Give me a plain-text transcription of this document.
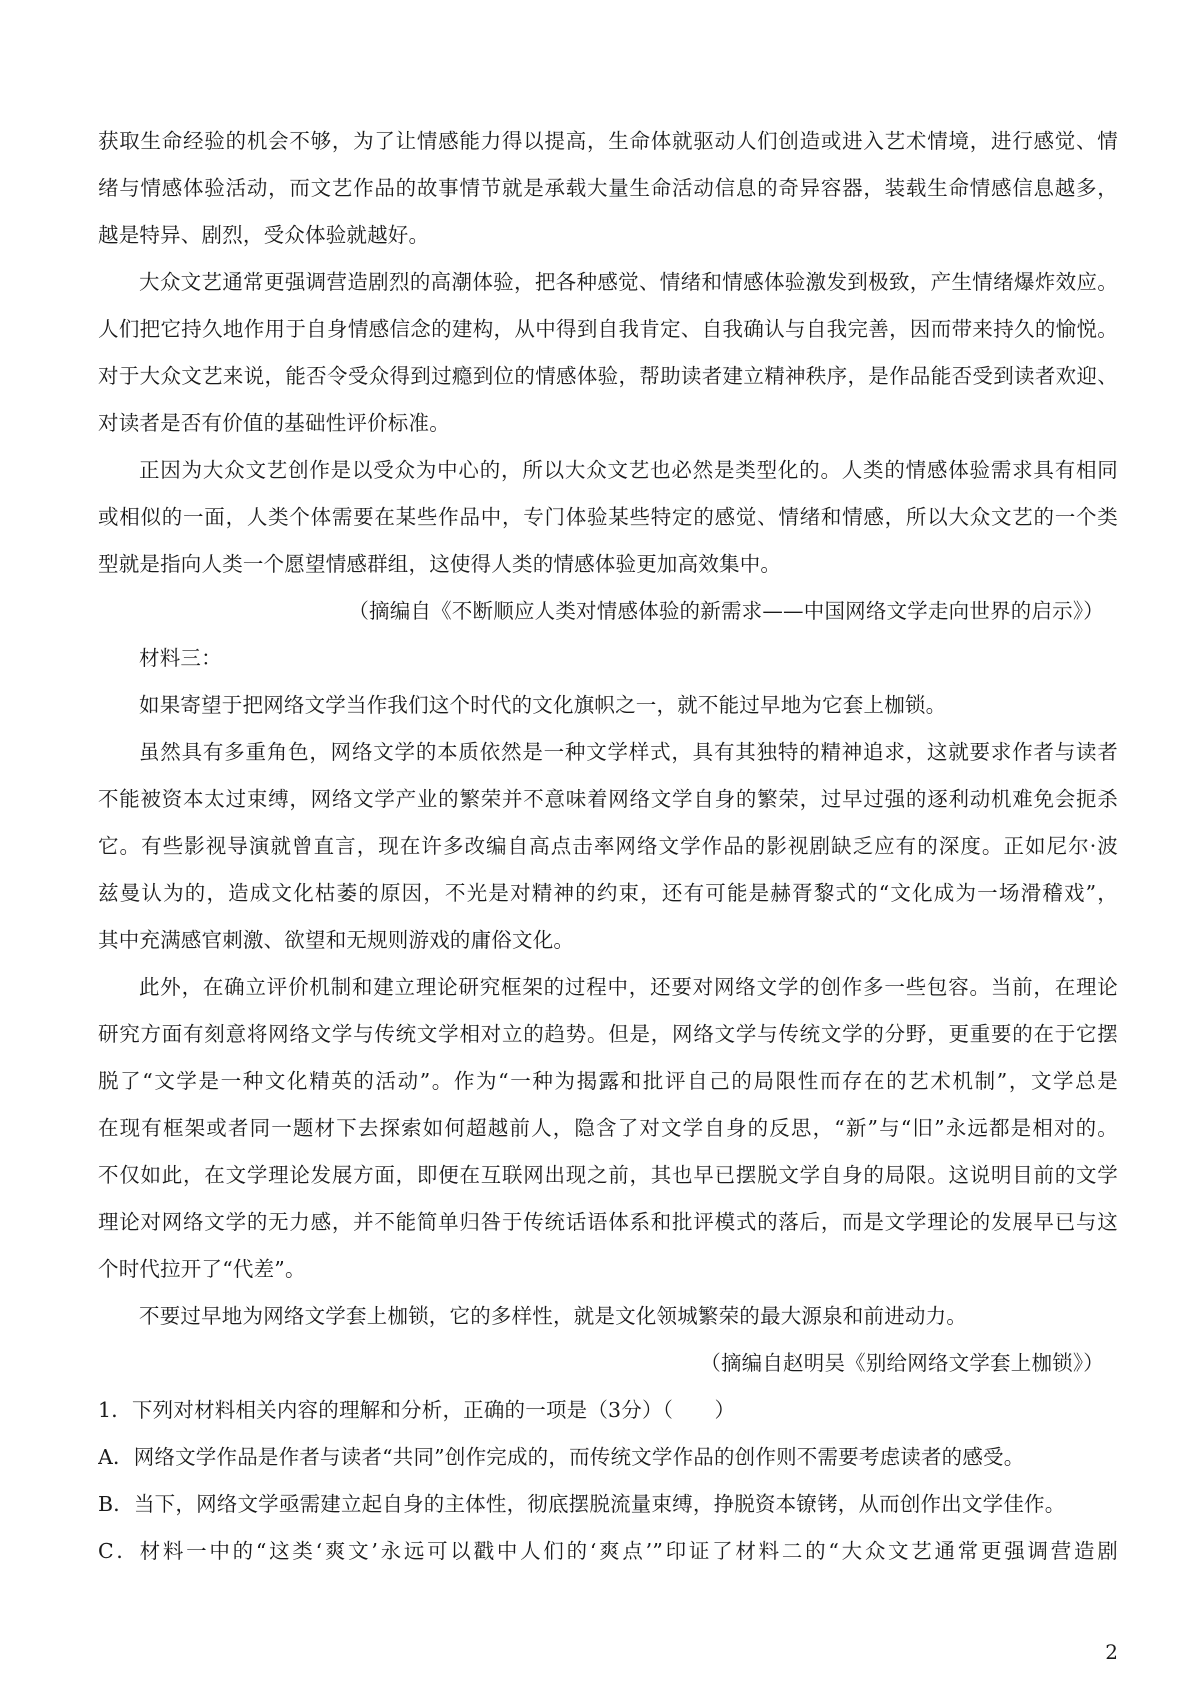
获取生命经验的机会不够，为了让情感能力得以提高，生命体就驱动人们创造或进入艺术情境，进行感觉、情
绪与情感体验活动，而文艺作品的故事情节就是承载大量生命活动信息的奇异容器，装载生命情感信息越多，
越是特异、剧烈，受众体验就越好。
大众文艺通常更强调营造剧烈的高潮体验，把各种感觉、情绪和情感体验激发到极致，产生情绪爆炸效应。
人们把它持久地作用于自身情感信念的建构，从中得到自我肯定、自我确认与自我完善，因而带来持久的愉悦。
对于大众文艺来说，能否令受众得到过瘾到位的情感体验，帮助读者建立精神秩序，是作品能否受到读者欢迎、
对读者是否有价值的基础性评价标准。
正因为大众文艺创作是以受众为中心的，所以大众文艺也必然是类型化的。人类的情感体验需求具有相同
或相似的一面，人类个体需要在某些作品中，专门体验某些特定的感觉、情绪和情感，所以大众文艺的一个类
型就是指向人类一个愿望情感群组，这使得人类的情感体验更加高效集中。
（摘编自《不断顺应人类对情感体验的新需求——中国网络文学走向世界的启示》）
材料三：
如果寄望于把网络文学当作我们这个时代的文化旗帜之一，就不能过早地为它套上枷锁。
虽然具有多重角色，网络文学的本质依然是一种文学样式，具有其独特的精神追求，这就要求作者与读者
不能被资本太过束缚，网络文学产业的繁荣并不意味着网络文学自身的繁荣，过早过强的逐利动机难免会扼杀
它。有些影视导演就曾直言，现在许多改编自高点击率网络文学作品的影视剧缺乏应有的深度。正如尼尔·波
兹曼认为的，造成文化枯萎的原因，不光是对精神的约束，还有可能是赫胥黎式的“文化成为一场滑稽戏”，
其中充满感官刺激、欲望和无规则游戏的庸俗文化。
此外，在确立评价机制和建立理论研究框架的过程中，还要对网络文学的创作多一些包容。当前，在理论
研究方面有刻意将网络文学与传统文学相对立的趋势。但是，网络文学与传统文学的分野，更重要的在于它摆
脱了“文学是一种文化精英的活动”。作为“一种为揭露和批评自己的局限性而存在的艺术机制”，文学总是
在现有框架或者同一题材下去探索如何超越前人，隐含了对文学自身的反思，“新”与“旧”永远都是相对的。
不仅如此，在文学理论发展方面，即便在互联网出现之前，其也早已摆脱文学自身的局限。这说明目前的文学
理论对网络文学的无力感，并不能简单归咎于传统话语体系和批评模式的落后，而是文学理论的发展早已与这
个时代拉开了“代差”。
不要过早地为网络文学套上枷锁，它的多样性，就是文化领城繁荣的最大源泉和前进动力。
（摘编自赵明吴《别给网络文学套上枷锁》）
1．下列对材料相关内容的理解和分析，正确的一项是（3分）（　　）
A．网络文学作品是作者与读者“共同”创作完成的，而传统文学作品的创作则不需要考虑读者的感受。
B．当下，网络文学亟需建立起自身的主体性，彻底摆脱流量束缚，挣脱资本镣铐，从而创作出文学佳作。
C．材料一中的“这类‘爽文’永远可以戳中人们的‘爽点’”印证了材料二的“大众文艺通常更强调营造剧
2
